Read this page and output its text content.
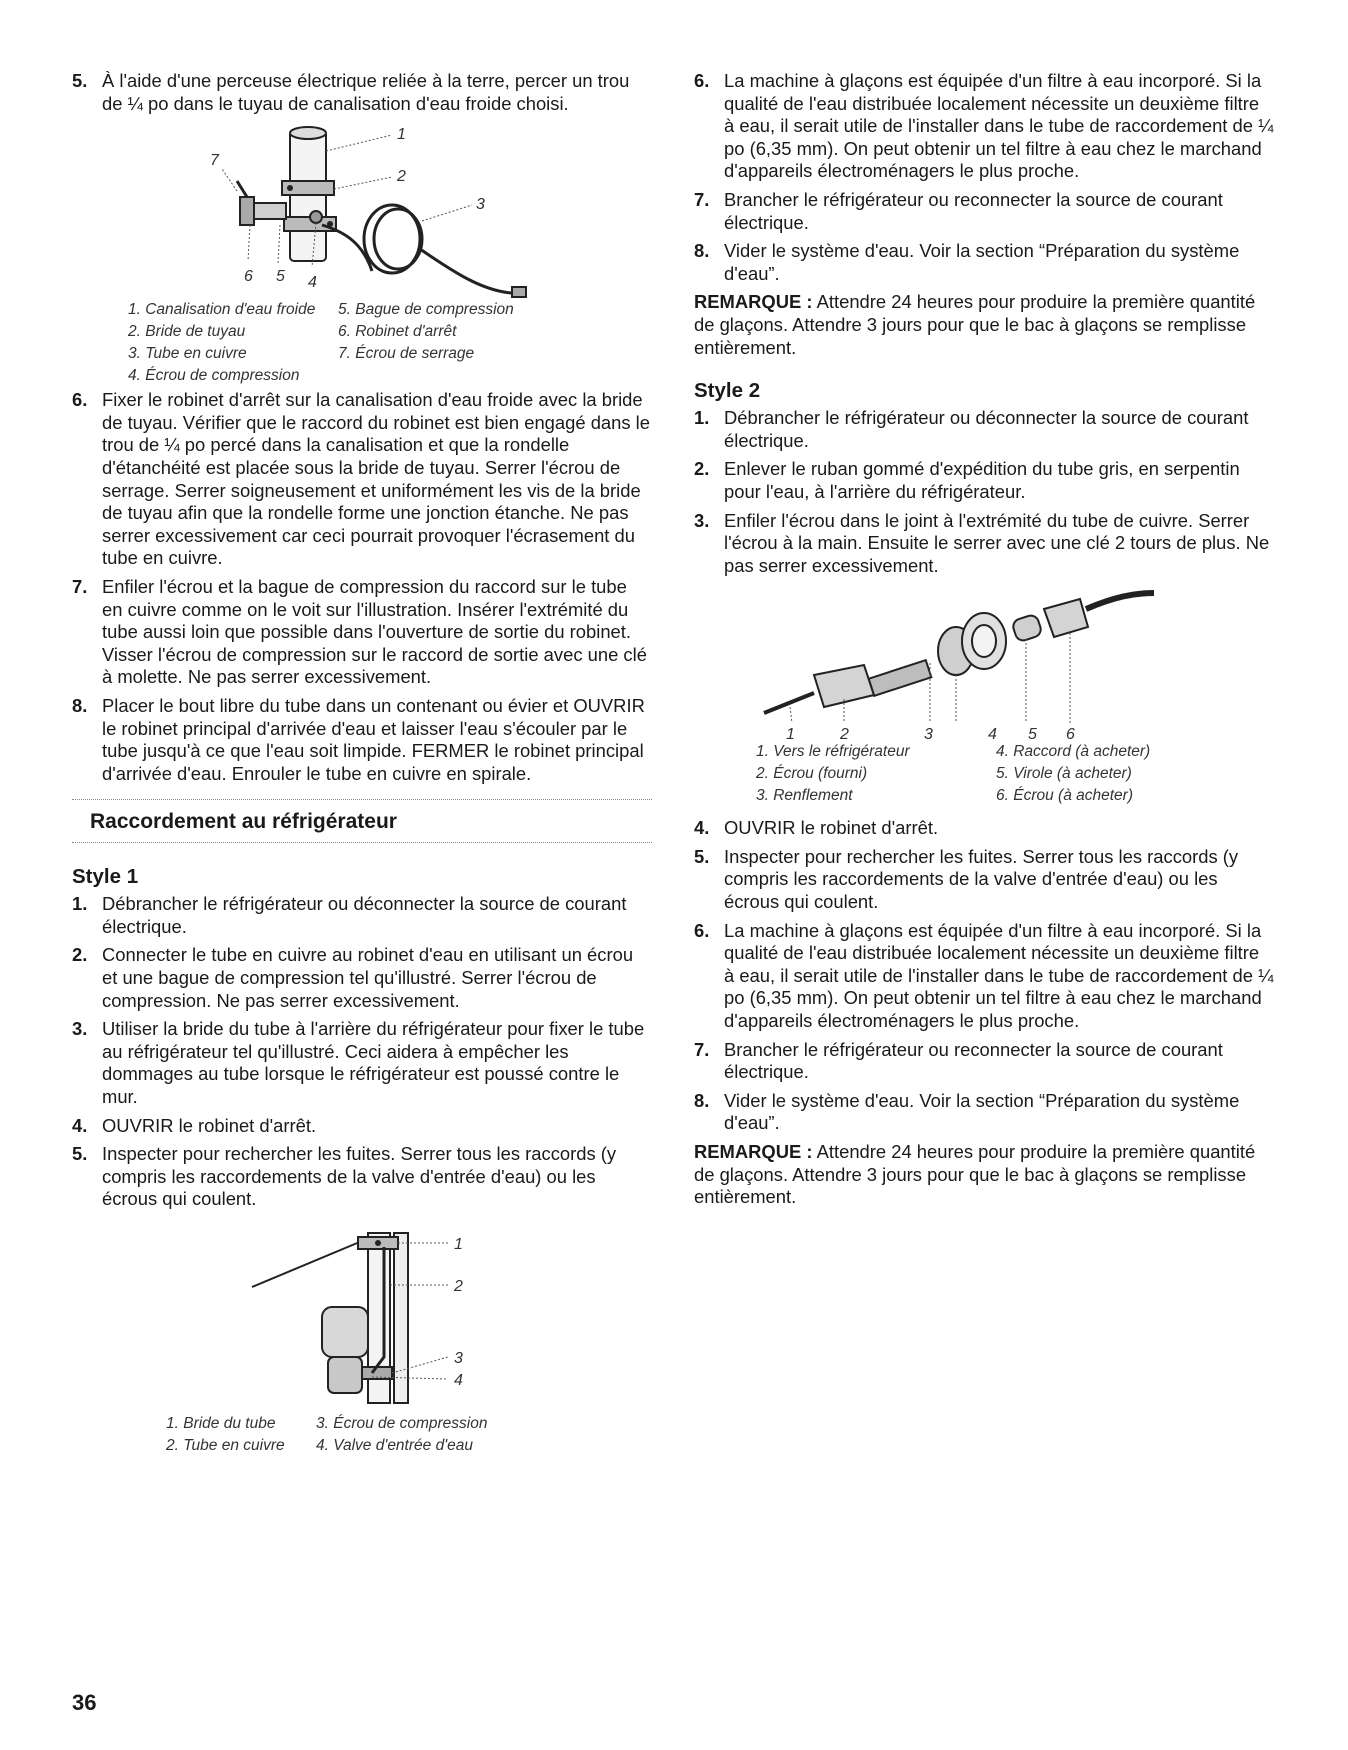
5. À l'aide d'une perceuse électrique reliée à la terre, percer un trou de ¼ po dans le tuyau de canalisation d'eau froide choisi.
1
2
3
4
5
6
7
1. Canalisation d'eau froide	5. Bague de compression
2. Bride de tuyau	6. Robinet d'arrêt
3. Tube en cuivre	7. Écrou de serrage
4. Écrou de compression
6. Fixer le robinet d'arrêt sur la canalisation d'eau froide avec la bride de tuyau. Vérifier que le raccord du robinet est bien engagé dans le trou de ¼ po percé dans la canalisation et que la rondelle d'étanchéité est placée sous la bride de tuyau. Serrer l'écrou de serrage. Serrer soigneusement et uniformément les vis de la bride de tuyau afin que la rondelle forme une jonction étanche. Ne pas serrer excessivement car ceci pourrait provoquer l'écrasement du tube en cuivre.
7. Enfiler l'écrou et la bague de compression du raccord sur le tube en cuivre comme on le voit sur l'illustration. Insérer l'extrémité du tube aussi loin que possible dans l'ouverture de sortie du robinet. Visser l'écrou de compression sur le raccord de sortie avec une clé à molette. Ne pas serrer excessivement.
8. Placer le bout libre du tube dans un contenant ou évier et OUVRIR le robinet principal d'arrivée d'eau et laisser l'eau s'écouler par le tube jusqu'à ce que l'eau soit limpide. FERMER le robinet principal d'arrivée d'eau. Enrouler le tube en cuivre en spirale.
Raccordement au réfrigérateur
Style 1
1. Débrancher le réfrigérateur ou déconnecter la source de courant électrique.
2. Connecter le tube en cuivre au robinet d'eau en utilisant un écrou et une bague de compression tel qu'illustré. Serrer l'écrou de compression. Ne pas serrer excessivement.
3. Utiliser la bride du tube à l'arrière du réfrigérateur pour fixer le tube au réfrigérateur tel qu'illustré. Ceci aidera à empêcher les dommages au tube lorsque le réfrigérateur est poussé contre le mur.
4. OUVRIR le robinet d'arrêt.
5. Inspecter pour rechercher les fuites. Serrer tous les raccords (y compris les raccordements de la valve d'entrée d'eau) ou les écrous qui coulent.
1
2
3
4
1. Bride du tube	3. Écrou de compression
2. Tube en cuivre	4. Valve d'entrée d'eau
6. La machine à glaçons est équipée d'un filtre à eau incorporé. Si la qualité de l'eau distribuée localement nécessite un deuxième filtre à eau, il serait utile de l'installer dans le tube de raccordement de ¼ po (6,35 mm). On peut obtenir un tel filtre à eau chez le marchand d'appareils électroménagers le plus proche.
7. Brancher le réfrigérateur ou reconnecter la source de courant électrique.
8. Vider le système d'eau. Voir la section “Préparation du système d'eau”.

REMARQUE : Attendre 24 heures pour produire la première quantité de glaçons. Attendre 3 jours pour que le bac à glaçons se remplisse entièrement.

Style 2
1. Débrancher le réfrigérateur ou déconnecter la source de courant électrique.
2. Enlever le ruban gommé d'expédition du tube gris, en serpentin pour l'eau, à l'arrière du réfrigérateur.
3. Enfiler l'écrou dans le joint à l'extrémité du tube de cuivre. Serrer l'écrou à la main. Ensuite le serrer avec une clé 2 tours de plus. Ne pas serrer excessivement.
1	2	3	4 5 6
1. Vers le réfrigérateur	4. Raccord (à acheter)
2. Écrou (fourni)	5. Virole (à acheter)
3. Renflement	6. Écrou (à acheter)
4. OUVRIR le robinet d'arrêt.
5. Inspecter pour rechercher les fuites. Serrer tous les raccords (y compris les raccordements de la valve d'entrée d'eau) ou les écrous qui coulent.
6. La machine à glaçons est équipée d'un filtre à eau incorporé. Si la qualité de l'eau distribuée localement nécessite un deuxième filtre à eau, il serait utile de l'installer dans le tube de raccordement de ¼ po (6,35 mm). On peut obtenir un tel filtre à eau chez le marchand d'appareils électroménagers le plus proche.
7. Brancher le réfrigérateur ou reconnecter la source de courant électrique.
8. Vider le système d'eau. Voir la section “Préparation du système d'eau”.

REMARQUE : Attendre 24 heures pour produire la première quantité de glaçons. Attendre 3 jours pour que le bac à glaçons se remplisse entièrement.

36
